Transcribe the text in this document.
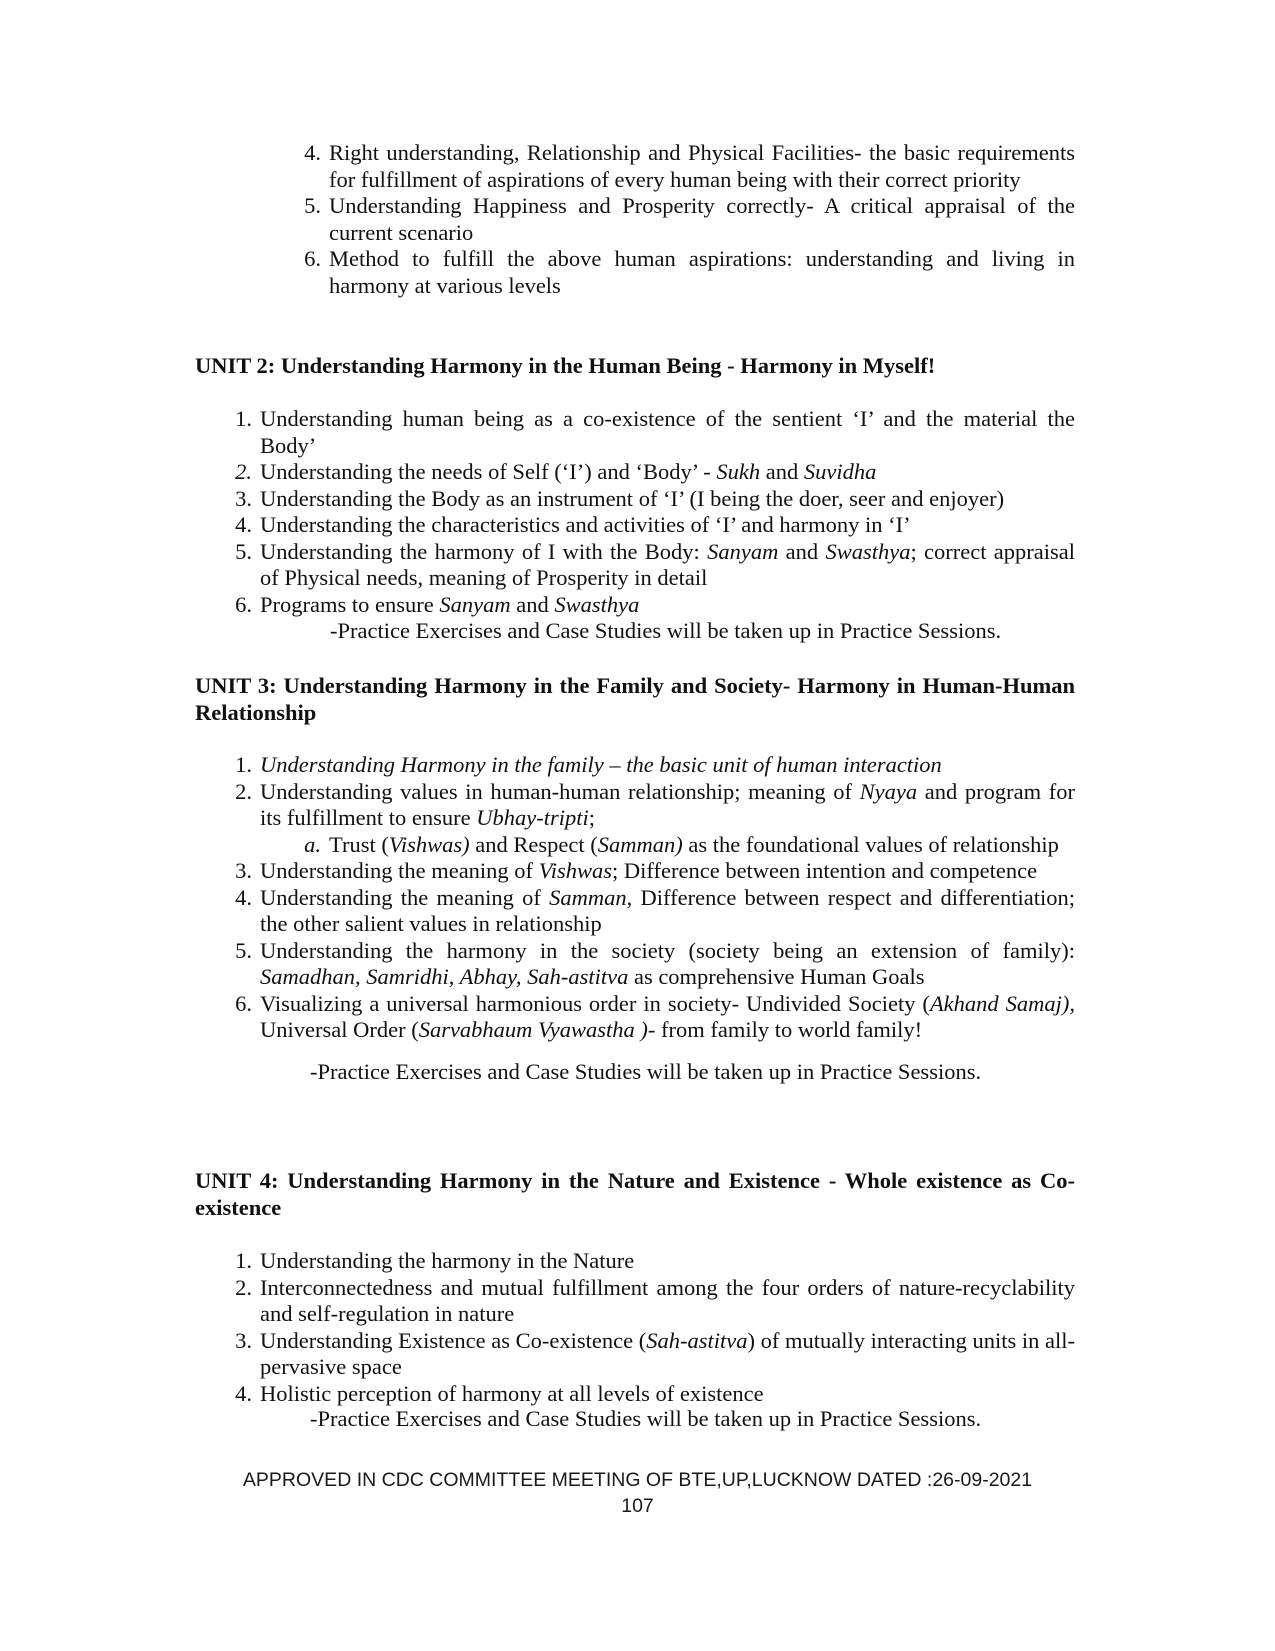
4. Right understanding, Relationship and Physical Facilities- the basic requirements for fulfillment of aspirations of every human being with their correct priority
5. Understanding Happiness and Prosperity correctly- A critical appraisal of the current scenario
6. Method to fulfill the above human aspirations: understanding and living in harmony at various levels
UNIT 2: Understanding Harmony in the Human Being - Harmony in Myself!
1. Understanding human being as a co-existence of the sentient ‘I’ and the material the Body’
2. Understanding the needs of Self (‘I’) and ‘Body’ - Sukh and Suvidha
3. Understanding the Body as an instrument of ‘I’ (I being the doer, seer and enjoyer)
4. Understanding the characteristics and activities of ‘I’ and harmony in ‘I’
5. Understanding the harmony of I with the Body: Sanyam and Swasthya; correct appraisal of Physical needs, meaning of Prosperity in detail
6. Programs to ensure Sanyam and Swasthya

-Practice Exercises and Case Studies will be taken up in Practice Sessions.

UNIT 3: Understanding Harmony in the Family and Society- Harmony in Human-Human Relationship
1. Understanding Harmony in the family – the basic unit of human interaction
2. Understanding values in human-human relationship; meaning of Nyaya and program for its fulfillment to ensure Ubhay-tripti;
a. Trust (Vishwas) and Respect (Samman) as the foundational values of relationship
3. Understanding the meaning of Vishwas; Difference between intention and competence
4. Understanding the meaning of Samman, Difference between respect and differentiation; the other salient values in relationship
5. Understanding the harmony in the society (society being an extension of family): Samadhan, Samridhi, Abhay, Sah-astitva as comprehensive Human Goals
6. Visualizing a universal harmonious order in society- Undivided Society (Akhand Samaj), Universal Order (Sarvabhaum Vyawastha )- from family to world family!

-Practice Exercises and Case Studies will be taken up in Practice Sessions.

UNIT 4: Understanding Harmony in the Nature and Existence - Whole existence as Co-existence
1. Understanding the harmony in the Nature
2. Interconnectedness and mutual fulfillment among the four orders of nature-recyclability and self-regulation in nature
3. Understanding Existence as Co-existence (Sah-astitva) of mutually interacting units in all-pervasive space
4. Holistic perception of harmony at all levels of existence

-Practice Exercises and Case Studies will be taken up in Practice Sessions.

APPROVED IN CDC COMMITTEE MEETING OF BTE,UP,LUCKNOW DATED :26-09-2021
107
